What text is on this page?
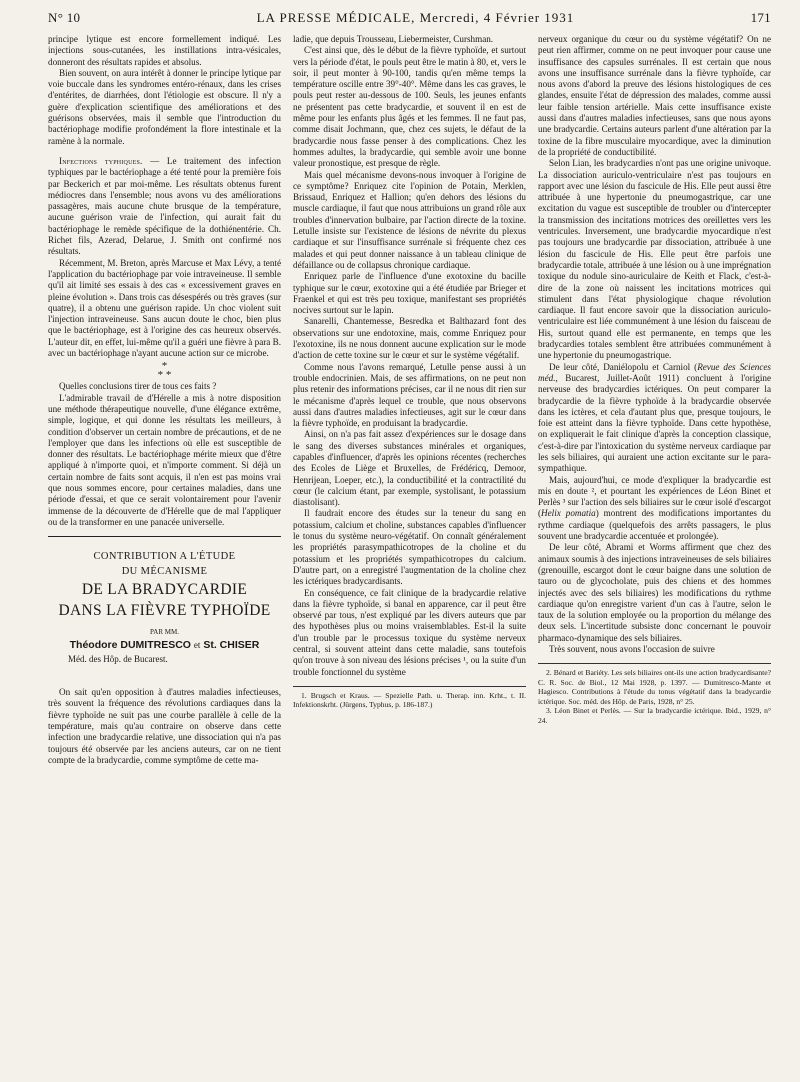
N° 10	LA PRESSE MÉDICALE, Mercredi, 4 Février 1931	171

principe lytique est encore formellement indiqué. Les injections sous-cutanées, les instillations intra-vésicales, donneront des résultats rapides et absolus.

Bien souvent, on aura intérêt à donner le principe lytique par voie buccale dans les syndromes entéro-rénaux, dans les crises d'entérites, de diarrhées, dont l'étiologie est obscure. Il n'y a guère d'explication scientifique des améliorations et des guérisons observées, mais il semble que l'introduction du bactériophage modifie profondément la flore intestinale et la ramène à la normale.

Infections typhiques. — Le traitement des infection typhiques par le bactériophage a été tenté pour la première fois par Beckerich et par moi-même. Les résultats obtenus furent médiocres dans l'ensemble; nous avons vu des améliorations passagères, mais aucune chute brusque de la température, aucune guérison vraie de l'infection, qui aurait fait du bactériophage le remède spécifique de la dothiénentérie. Ch. Richet fils, Azerad, Delarue, J. Smith ont confirmé nos résultats.

Récemment, M. Breton, après Marcuse et Max Lévy, a tenté l'application du bactériophage par voie intraveineuse. Il semble qu'il ait limité ses essais à des cas « excessivement graves en pleine évolution ». Dans trois cas désespérés ou très graves (sur quatre), il a obtenu une guérison rapide. Un choc violent suit l'injection intraveineuse. Sans aucun doute le choc, bien plus que le bactériophage, est à l'origine des cas heureux observés. L'auteur dit, en effet, lui-même qu'il a guéri une fièvre à para B. avec un bactériophage n'ayant aucune action sur ce microbe.

*
* *

Quelles conclusions tirer de tous ces faits ?

L'admirable travail de d'Hérelle a mis à notre disposition une méthode thérapeutique nouvelle, d'une élégance extrême, simple, logique, et qui donne les résultats les meilleurs, à condition d'observer un certain nombre de précautions, et de ne l'employer que dans les infections où elle est susceptible de donner des résultats. Le bactériophage mérite mieux que d'être appliqué à n'importe quoi, et n'importe comment. Si déjà un certain nombre de faits sont acquis, il n'en est pas moins vrai que nous sommes encore, pour certaines maladies, dans une période d'essai, et que ce serait volontairement pour l'avenir immense de la découverte de d'Hérelle que de mal l'appliquer ou de la transformer en une panacée universelle.

CONTRIBUTION A L'ÉTUDE
DU MÉCANISME
DE LA BRADYCARDIE
DANS LA FIÈVRE TYPHOÏDE
PAR MM.
Théodore DUMITRESCO et St. CHISER
Méd. des Hôp. de Bucarest.

On sait qu'en opposition à d'autres maladies infectieuses, très souvent la fréquence des révolutions cardiaques dans la fièvre typhoïde ne suit pas une courbe parallèle à celle de la température, mais qu'au contraire on observe dans cette infection une bradycardie relative, une dissociation qui n'a pas toujours été observée par les anciens auteurs, car on ne tient compte de la bradycardie, comme symptôme de cette ma-

ladie, que depuis Trousseau, Liebermeister, Curshman.

C'est ainsi que, dès le début de la fièvre typhoïde, et surtout vers la période d'état, le pouls peut être le matin à 80, et, vers le soir, il peut monter à 90-100, tandis qu'en même temps la température oscille entre 39°-40°. Même dans les cas graves, le pouls peut rester au-dessous de 100. Seuls, les jeunes enfants ne présentent pas cette bradycardie, et souvent il en est de même pour les enfants plus âgés et les femmes. Il ne faut pas, comme disait Jochmann, que, chez ces sujets, le défaut de la bradycardie nous fasse penser à des complications. Chez les hommes adultes, la bradycardie, qui semble avoir une bonne valeur pronostique, est presque de règle.

Mais quel mécanisme devons-nous invoquer à l'origine de ce symptôme? Enriquez cite l'opinion de Potain, Merklen, Brissaud, Enriquez et Hallion; qu'en dehors des lésions du muscle cardiaque, il faut que nous attribuions un grand rôle aux troubles d'innervation bulbaire, par l'action directe de la toxine. Letulle insiste sur l'existence de lésions de névrite du plexus cardiaque et sur l'insuffisance surrénale si fréquente chez ces malades et qui peut donner naissance à un tableau clinique de défaillance ou de collapsus chronique cardiaque.

Enriquez parle de l'influence d'une exotoxine du bacille typhique sur le cœur, exotoxine qui a été étudiée par Brieger et Fraenkel et qui est très peu toxique, manifestant ses propriétés nocives surtout sur le lapin.

Sanarelli, Chantemesse, Besredka et Balthazard font des observations sur une endotoxine, mais, comme Enriquez pour l'exotoxine, ils ne nous donnent aucune explication sur le mode d'action de cette toxine sur le cœur et sur le système végétalif.

Comme nous l'avons remarqué, Letulle pense aussi à un trouble endocrinien. Mais, de ses affirmations, on ne peut non plus retenir des informations précises, car il ne nous dit rien sur le mécanisme d'après lequel ce trouble, que nous observons aussi dans d'autres maladies infectieuses, agit sur le cœur dans la fièvre typhoïde, en produisant la bradycardie.

Ainsi, on n'a pas fait assez d'expériences sur le dosage dans le sang des diverses substances minérales et organiques, capables d'influencer, d'après les opinions récentes (recherches des Ecoles de Liège et Bruxelles, de Frédéricq, Demoor, Henrijean, Loeper, etc.), la conductibilité et la contractilité du cœur (le calcium étant, par exemple, systolisant, le potassium diastolisant).

Il faudrait encore des études sur la teneur du sang en potassium, calcium et choline, substances capables d'influencer le tonus du système neuro-végétatif. On connaît généralement les propriétés parasympathicotropes de la choline et du potassium et les propriétés sympathicotropes du calcium. D'autre part, on a enregistré l'augmentation de la choline chez les ictériques bradycardisants.

En conséquence, ce fait clinique de la bradycardie relative dans la fièvre typhoïde, si banal en apparence, car il peut être observé par tous, n'est expliqué par les divers auteurs que par des hypothèses plus ou moins vraisemblables. Est-il la suite d'un trouble par le processus toxique du système nerveux central, si souvent atteint dans cette maladie, sans toutefois qu'on trouve à son niveau des lésions précises ¹, ou la suite d'un trouble fonctionnel du système

1. Brugsch et Kraus. — Spezielle Path. u. Therap. inn. Krht., t. II. Infektionskrht. (Jürgens, Typhus, p. 186-187.)

nerveux organique du cœur ou du système végétatif? On ne peut rien affirmer, comme on ne peut invoquer pour cause une insuffisance des capsules surrénales. Il est certain que nous avons une insuffisance surrénale dans la fièvre typhoïde, car nous avons d'abord la preuve des lésions histologiques de ces glandes, ensuite l'état de dépression des malades, comme aussi leur faible tension artérielle. Mais cette insuffisance existe aussi dans d'autres maladies infectieuses, sans que nous ayons une bradycardie. Certains auteurs parlent d'une altération par la toxine de la fibre musculaire myocardique, avec la diminution de la propriété de conductibilité.

Selon Lian, les bradycardies n'ont pas une origine univoque. La dissociation auriculo-ventriculaire n'est pas toujours en rapport avec une lésion du fascicule de His. Elle peut aussi être attribuée à une hypertonie du pneumogastrique, car une excitation du vague est susceptible de troubler ou d'intercepter la transmission des incitations motrices des oreillettes vers les ventricules. Inversement, une bradycardie myocardique n'est pas toujours une bradycardie par dissociation, attribuée à une lésion du fascicule de His. Elle peut être parfois une bradycardie totale, attribuée à une lésion ou à une imprégnation toxique du nodule sino-auriculaire de Keith et Flack, c'est-à-dire de la zone où naissent les incitations motrices qui stimulent dans l'état physiologique chaque révolution cardiaque. Il faut encore savoir que la dissociation auriculo-ventriculaire est liée communément à une lésion du faisceau de His, surtout quand elle est permanente, en temps que les bradycardies totales semblent être attribuées communément à une hypertonie du pneumogastrique.

De leur côté, Daniélopolu et Carniol (Revue des Sciences méd., Bucarest, Juillet-Août 1911) concluent à l'origine nerveuse des bradycardies ictériques. On peut comparer la bradycardie de la fièvre typhoïde à la bradycardie observée dans les ictères, et cela d'autant plus que, presque toujours, le foie est atteint dans la fièvre typhoïde. Dans cette hypothèse, on expliquerait le fait clinique d'après la conception classique, c'est-à-dire par l'intoxication du système nerveux cardiaque par les sels biliaires, qui auraient une action excitante sur le para-sympathique.

Mais, aujourd'hui, ce mode d'expliquer la bradycardie est mis en doute ², et pourtant les expériences de Léon Binet et Perlès ³ sur l'action des sels biliaires sur le cœur isolé d'escargot (Helix pomatia) montrent des modifications importantes du rythme cardiaque (quelquefois des arrêts passagers, le plus souvent une bradycardie accentuée et prolongée).

De leur côté, Abrami et Worms affirment que chez des animaux soumis à des injections intraveineuses de sels biliaires (grenouille, escargot dont le cœur baigne dans une solution de tauro ou de glycocholate, puis des chiens et des hommes injectés avec des sels biliaires) les modifications du rythme cardiaque qu'on enregistre varient d'un cas à l'autre, selon le taux de la solution employée ou la proportion du mélange des deux sels. L'incertitude subsiste donc concernant le pouvoir pharmaco-dynamique des sels biliaires.

Très souvent, nous avons l'occasion de suivre

2. Bénard et Bariéty. Les sels biliaires ont-ils une action bradycardisante? C. R. Soc. de Biol., 12 Mai 1928, p. 1397. — Dumitresco-Mante et Hagiesco. Contributions à l'étude du tonus végétatif dans la bradycardie ictérique. Soc. méd. des Hôp. de Paris, 1928, n° 25.

3. Léon Binet et Perlès. — Sur la bradycardie ictérique. Ibid., 1929, n° 24.
